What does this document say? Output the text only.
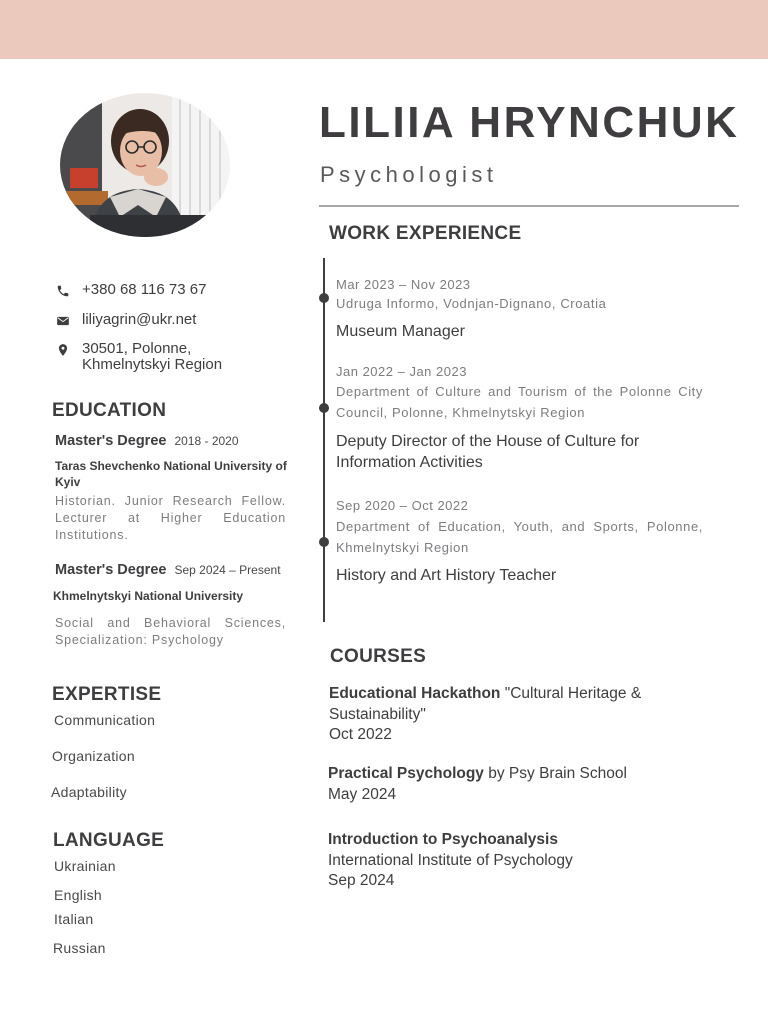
LILIIA HRYNCHUK
Psychologist
+380 68 116 73 67
liliyagrin@ukr.net
30501, Polonne,
Khmelnytskyi Region
EDUCATION
Master's Degree 2018 - 2020
Taras Shevchenko National University of Kyiv
Historian. Junior Research Fellow. Lecturer at Higher Education Institutions.
Master's Degree Sep 2024 – Present
Khmelnytskyi National University
Social and Behavioral Sciences, Specialization: Psychology
EXPERTISE
Communication
Organization
Adaptability
LANGUAGE
Ukrainian
English
Italian
Russian
WORK EXPERIENCE
Mar 2023 – Nov 2023
Udruga Informo, Vodnjan-Dignano, Croatia
Museum Manager
Jan 2022 – Jan 2023
Department of Culture and Tourism of the Polonne City Council, Polonne, Khmelnytskyi Region
Deputy Director of the House of Culture for Information Activities
Sep 2020 – Oct 2022
Department of Education, Youth, and Sports, Polonne, Khmelnytskyi Region
History and Art History Teacher
COURSES
Educational Hackathon "Cultural Heritage & Sustainability"
Oct 2022
Practical Psychology by Psy Brain School
May 2024
Introduction to Psychoanalysis
International Institute of Psychology
Sep 2024
